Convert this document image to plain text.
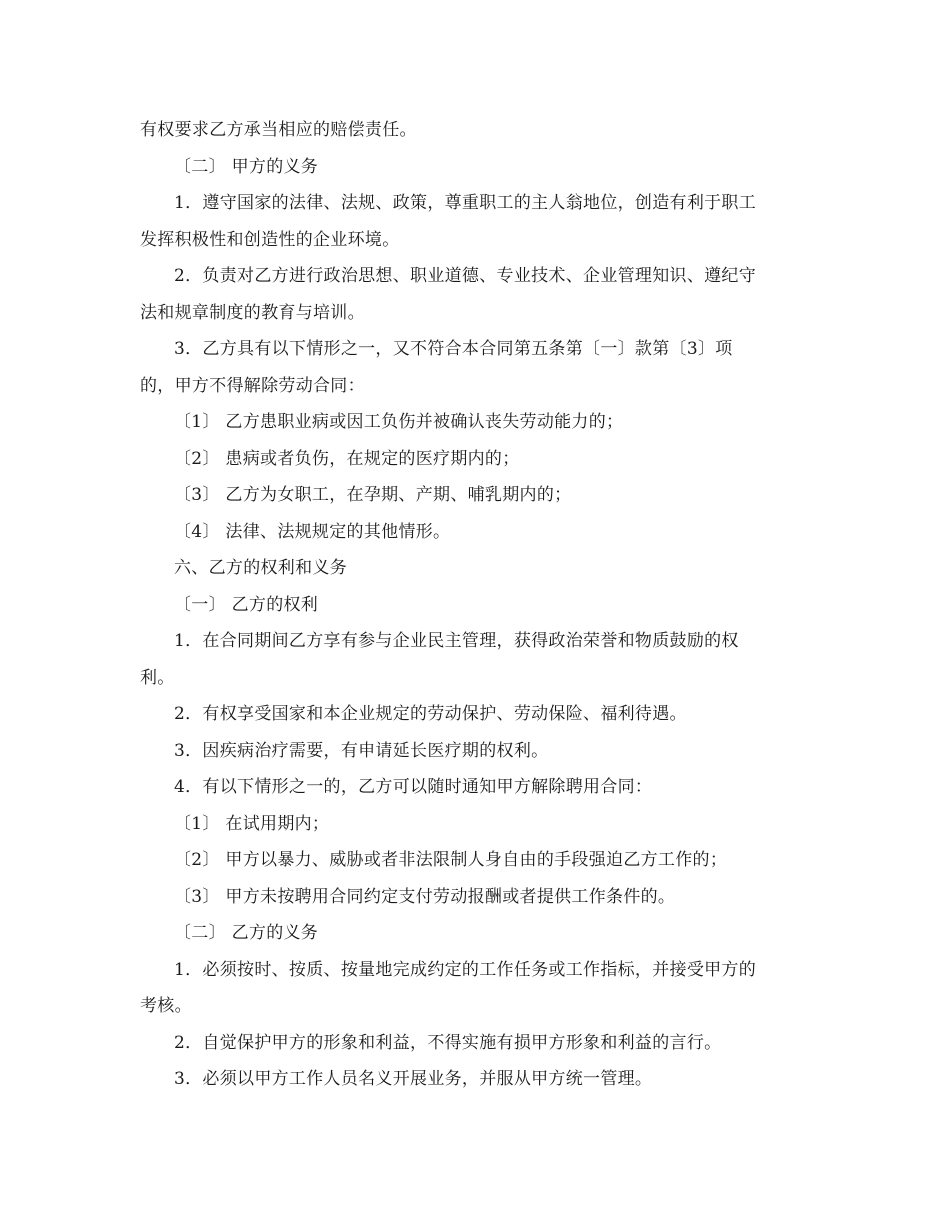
有权要求乙方承当相应的赔偿责任。
〔二〕 甲方的义务
1．遵守国家的法律、法规、政策，尊重职工的主人翁地位，创造有利于职工
发挥积极性和创造性的企业环境。
2．负责对乙方进行政治思想、职业道德、专业技术、企业管理知识、遵纪守
法和规章制度的教育与培训。
3．乙方具有以下情形之一，又不符合本合同第五条第〔一〕款第〔3〕项
的，甲方不得解除劳动合同：
〔1〕 乙方患职业病或因工负伤并被确认丧失劳动能力的；
〔2〕 患病或者负伤，在规定的医疗期内的；
〔3〕 乙方为女职工，在孕期、产期、哺乳期内的；
〔4〕 法律、法规规定的其他情形。
六、乙方的权利和义务
〔一〕 乙方的权利
1．在合同期间乙方享有参与企业民主管理，获得政治荣誉和物质鼓励的权
利。
2．有权享受国家和本企业规定的劳动保护、劳动保险、福利待遇。
3．因疾病治疗需要，有申请延长医疗期的权利。
4．有以下情形之一的，乙方可以随时通知甲方解除聘用合同：
〔1〕 在试用期内；
〔2〕 甲方以暴力、威胁或者非法限制人身自由的手段强迫乙方工作的；
〔3〕 甲方未按聘用合同约定支付劳动报酬或者提供工作条件的。
〔二〕 乙方的义务
1．必须按时、按质、按量地完成约定的工作任务或工作指标，并接受甲方的
考核。
2．自觉保护甲方的形象和利益，不得实施有损甲方形象和利益的言行。
3．必须以甲方工作人员名义开展业务，并服从甲方统一管理。
